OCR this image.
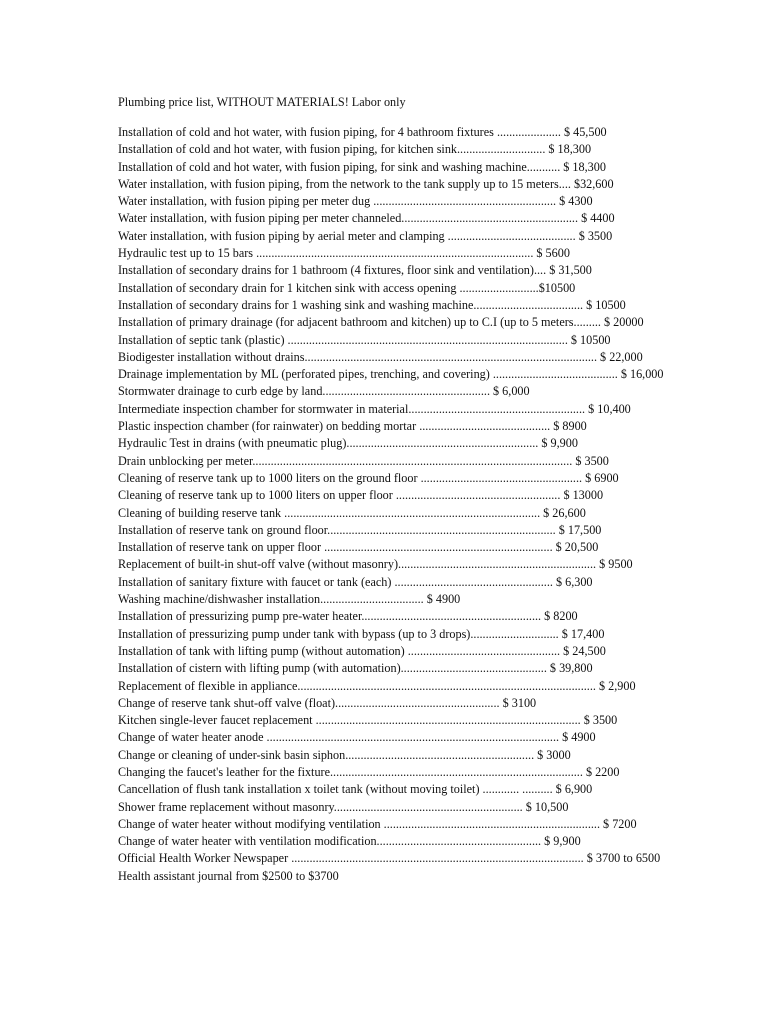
Plumbing price list, WITHOUT MATERIALS! Labor only
Installation of cold and hot water, with fusion piping, for 4 bathroom fixtures ..................... $ 45,500
Installation of cold and hot water, with fusion piping, for kitchen sink............................. $ 18,300
Installation of cold and hot water, with fusion piping, for sink and washing machine........... $ 18,300
Water installation, with fusion piping, from the network to the tank supply up to 15 meters.... $32,600
Water installation, with fusion piping per meter dug ............................................................ $ 4300
Water installation, with fusion piping per meter channeled.......................................................... $ 4400
Water installation, with fusion piping by aerial meter and clamping .......................................... $ 3500
Hydraulic test up to 15 bars ........................................................................................... $ 5600
Installation of secondary drains for 1 bathroom (4 fixtures, floor sink and ventilation).... $ 31,500
Installation of secondary drain for 1 kitchen sink with access opening ..........................$10500
Installation of secondary drains for 1 washing sink and washing machine.................................... $ 10500
Installation of primary drainage (for adjacent bathroom and kitchen) up to C.I (up to 5 meters......... $ 20000
Installation of septic tank (plastic) ............................................................................................ $ 10500
Biodigester installation without drains................................................................................................ $ 22,000
Drainage implementation by ML (perforated pipes, trenching, and covering) ......................................... $ 16,000
Stormwater drainage to curb edge by land....................................................... $ 6,000
Intermediate inspection chamber for stormwater in material.......................................................... $ 10,400
Plastic inspection chamber (for rainwater) on bedding mortar ........................................... $ 8900
Hydraulic Test in drains (with pneumatic plug)............................................................... $ 9,900
Drain unblocking per meter......................................................................................................... $ 3500
Cleaning of reserve tank up to 1000 liters on the ground floor ..................................................... $ 6900
Cleaning of reserve tank up to 1000 liters on upper floor ...................................................... $ 13000
Cleaning of building reserve tank .................................................................................... $ 26,600
Installation of reserve tank on ground floor........................................................................... $ 17,500
Installation of reserve tank on upper floor ........................................................................... $ 20,500
Replacement of built-in shut-off valve (without masonry)................................................................. $ 9500
Installation of sanitary fixture with faucet or tank (each) .................................................... $ 6,300
Washing machine/dishwasher installation.................................. $ 4900
Installation of pressurizing pump pre-water heater........................................................... $ 8200
Installation of pressurizing pump under tank with bypass (up to 3 drops)............................. $ 17,400
Installation of tank with lifting pump (without automation) .................................................. $ 24,500
Installation of cistern with lifting pump (with automation)................................................ $ 39,800
Replacement of flexible in appliance.................................................................................................. $ 2,900
Change of reserve tank shut-off valve (float)...................................................... $ 3100
Kitchen single-lever faucet replacement ....................................................................................... $ 3500
Change of water heater anode ................................................................................................ $ 4900
Change or cleaning of under-sink basin siphon.............................................................. $ 3000
Changing the faucet's leather for the fixture................................................................................... $ 2200
Cancellation of flush tank installation x toilet tank (without moving toilet) ............ .......... $ 6,900
Shower frame replacement without masonry.............................................................. $ 10,500
Change of water heater without modifying ventilation ....................................................................... $ 7200
Change of water heater with ventilation modification...................................................... $ 9,900
Official Health Worker Newspaper ................................................................................................ $ 3700 to 6500
Health assistant journal from $2500 to $3700
